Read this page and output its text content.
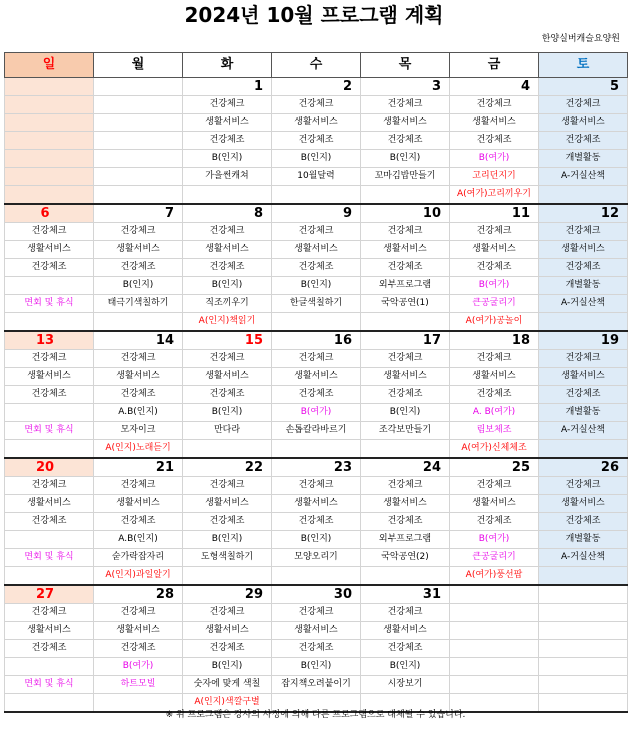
2024년 10월 프로그램 계획
한양실버캐슬요양원
일	월	화	수	목	금	토
		1	2	3	4	5
		건강체크	건강체크	건강체크	건강체크	건강체크
		생활서비스	생활서비스	생활서비스	생활서비스	생활서비스
		건강체조	건강체조	건강체조	건강체조	건강체조
		B(인지)	B(인지)	B(인지)	B(여가)	개별활동
		가을썬캐쳐	10월달력	꼬마김밥만들기	고리던지기	A-거실산책
					A(여가)고리끼우기	
6	7	8	9	10	11	12
건강체크	건강체크	건강체크	건강체크	건강체크	건강체크	건강체크
생활서비스	생활서비스	생활서비스	생활서비스	생활서비스	생활서비스	생활서비스
건강체조	건강체조	건강체조	건강체조	건강체조	건강체조	건강체조
	B(인지)	B(인지)	B(인지)	외부프로그램	B(여가)	개별활동
면회 및 휴식	태극기색칠하기	직조끼우기	한글색칠하기	국악공연(1)	큰공굴리기	A-거실산책
		A(인지)책읽기			A(여가)공놀이	
13	14	15	16	17	18	19
건강체크	건강체크	건강체크	건강체크	건강체크	건강체크	건강체크
생활서비스	생활서비스	생활서비스	생활서비스	생활서비스	생활서비스	생활서비스
건강체조	건강체조	건강체조	건강체조	건강체조	건강체조	건강체조
	A.B(인지)	B(인지)	B(여가)	B(인지)	A. B(여가)	개별활동
면회 및 휴식	모자이크	만다라	손톱칼라바르기	조각보만들기	림보체조	A-거실산책
	A(인지)노래듣기				A(여가)신체체조	
20	21	22	23	24	25	26
건강체크	건강체크	건강체크	건강체크	건강체크	건강체크	건강체크
생활서비스	생활서비스	생활서비스	생활서비스	생활서비스	생활서비스	생활서비스
건강체조	건강체조	건강체조	건강체조	건강체조	건강체조	건강체조
	A.B(인지)	B(인지)	B(인지)	외부프로그램	B(여가)	개별활동
면회 및 휴식	숟가락잡자리	도형색칠하기	모양오리기	국악공연(2)	큰공굴리기	A-거실산책
	A(인지)과일알기				A(여가)풍선팝	
27	28	29	30	31		
건강체크	건강체크	건강체크	건강체크	건강체크		
생활서비스	생활서비스	생활서비스	생활서비스	생활서비스		
건강체조	건강체조	건강체조	건강체조	건강체조		
	B(여가)	B(인지)	B(인지)	B(인지)		
면회 및 휴식	하트모빌	숫자에 맞게 색칠	잡지책오려붙이기	시장보기		
		A(인지)색깔구별				
※ 위 프로그램은 강사의 사정에 의해 다른 프로그램으로 대체될 수 있습니다.
